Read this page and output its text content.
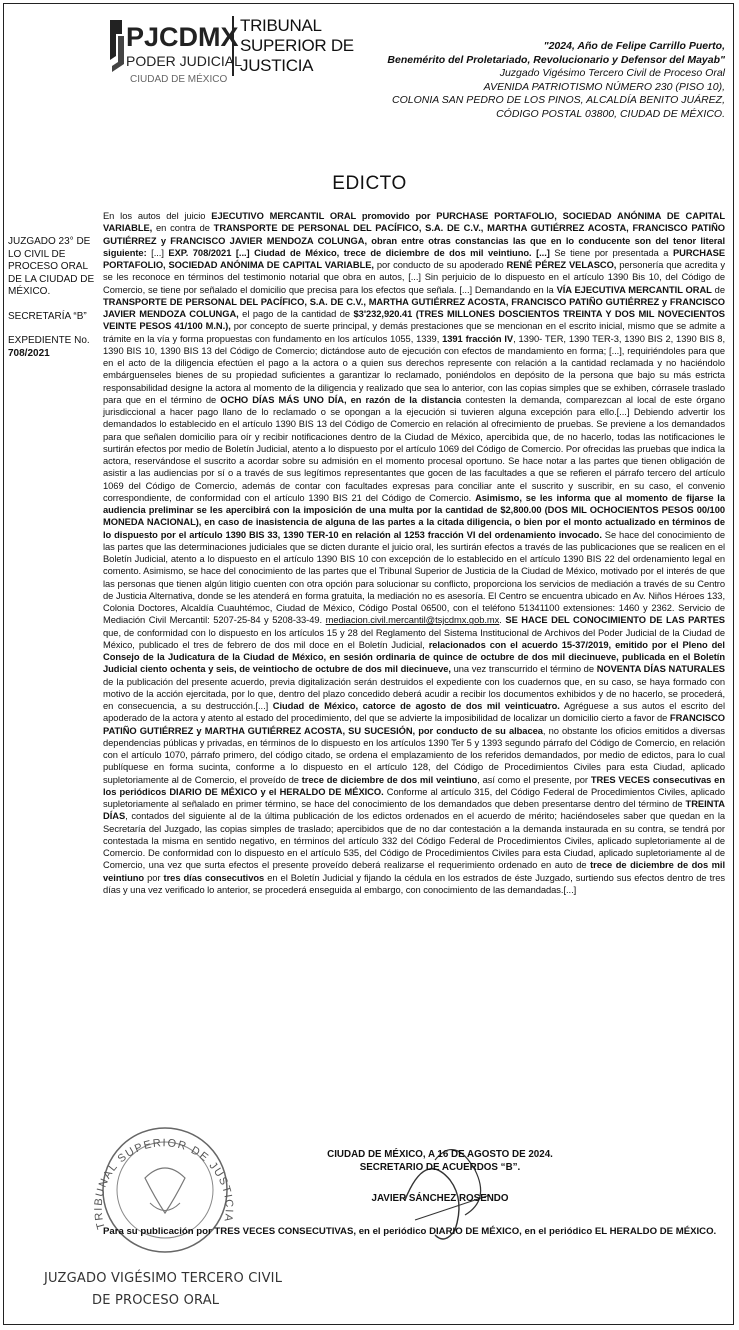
PJCDMX
PODER JUDICIAL
CIUDAD DE MÉXICO
TRIBUNAL
SUPERIOR DE
JUSTICIA
"2024, Año de Felipe Carrillo Puerto,
Benemérito del Proletariado, Revolucionario y Defensor del Mayab"
Juzgado Vigésimo Tercero Civil de Proceso Oral
AVENIDA PATRIOTISMO NÚMERO 230 (PISO 10),
COLONIA SAN PEDRO DE LOS PINOS, ALCALDÍA BENITO JUÁREZ,
CÓDIGO POSTAL 03800, CIUDAD DE MÉXICO.
EDICTO

JUZGADO 23° DE LO CIVIL DE PROCESO ORAL DE LA CIUDAD DE MÉXICO.

SECRETARÍA “B”

EXPEDIENTE No. 708/2021

En los autos del juicio EJECUTIVO MERCANTIL ORAL promovido por PURCHASE PORTAFOLIO, SOCIEDAD ANÓNIMA DE CAPITAL VARIABLE, en contra de TRANSPORTE DE PERSONAL DEL PACÍFICO, S.A. DE C.V., MARTHA GUTIÉRREZ ACOSTA, FRANCISCO PATIÑO GUTIÉRREZ y FRANCISCO JAVIER MENDOZA COLUNGA, obran entre otras constancias las que en lo conducente son del tenor literal siguiente: [...] EXP. 708/2021 [...] Ciudad de México, trece de diciembre de dos mil veintiuno. [...] Se tiene por presentada a PURCHASE PORTAFOLIO, SOCIEDAD ANÓNIMA DE CAPITAL VARIABLE, por conducto de su apoderado RENÉ PÉREZ VELASCO, personería que acredita y se les reconoce en términos del testimonio notarial que obra en autos, [...] Sin perjuicio de lo dispuesto en el artículo 1390 Bis 10, del Código de Comercio, se tiene por señalado el domicilio que precisa para los efectos que señala. [...] Demandando en la VÍA EJECUTIVA MERCANTIL ORAL de TRANSPORTE DE PERSONAL DEL PACÍFICO, S.A. DE C.V., MARTHA GUTIÉRREZ ACOSTA, FRANCISCO PATIÑO GUTIÉRREZ y FRANCISCO JAVIER MENDOZA COLUNGA, el pago de la cantidad de $3'232,920.41 (TRES MILLONES DOSCIENTOS TREINTA Y DOS MIL NOVECIENTOS VEINTE PESOS 41/100 M.N.), por concepto de suerte principal, y demás prestaciones que se mencionan en el escrito inicial, mismo que se admite a trámite en la vía y forma propuestas con fundamento en los artículos 1055, 1339, 1391 fracción IV, 1390- TER, 1390 TER-3, 1390 BIS 2, 1390 BIS 8, 1390 BIS 10, 1390 BIS 13 del Código de Comercio; dictándose auto de ejecución con efectos de mandamiento en forma; [...], requiriéndoles para que en el acto de la diligencia efectúen el pago a la actora o a quien sus derechos represente con relación a la cantidad reclamada y no haciéndolo embárguenseles bienes de su propiedad suficientes a garantizar lo reclamado, poniéndolos en depósito de la persona que bajo su más estricta responsabilidad designe la actora al momento de la diligencia y realizado que sea lo anterior, con las copias simples que se exhiben, córrasele traslado para que en el término de OCHO DÍAS MÁS UNO DÍA, en razón de la distancia contesten la demanda, comparezcan al local de este órgano jurisdiccional a hacer pago llano de lo reclamado o se opongan a la ejecución si tuvieren alguna excepción para ello.[...] Debiendo advertir los demandados lo establecido en el artículo 1390 BIS 13 del Código de Comercio en relación al ofrecimiento de pruebas. Se previene a los demandados para que señalen domicilio para oír y recibir notificaciones dentro de la Ciudad de México, apercibida que, de no hacerlo, todas las notificaciones le surtirán efectos por medio de Boletín Judicial, atento a lo dispuesto por el artículo 1069 del Código de Comercio. Por ofrecidas las pruebas que indica la actora, reservándose el suscrito a acordar sobre su admisión en el momento procesal oportuno. Se hace notar a las partes que tienen obligación de asistir a las audiencias por sí o a través de sus legítimos representantes que gocen de las facultades a que se refieren el párrafo tercero del artículo 1069 del Código de Comercio, además de contar con facultades expresas para conciliar ante el suscrito y suscribir, en su caso, el convenio correspondiente, de conformidad con el artículo 1390 BIS 21 del Código de Comercio. Asimismo, se les informa que al momento de fijarse la audiencia preliminar se les apercibirá con la imposición de una multa por la cantidad de $2,800.00 (DOS MIL OCHOCIENTOS PESOS 00/100 MONEDA NACIONAL), en caso de inasistencia de alguna de las partes a la citada diligencia, o bien por el monto actualizado en términos de lo dispuesto por el artículo 1390 BIS 33, 1390 TER-10 en relación al 1253 fracción VI del ordenamiento invocado. Se hace del conocimiento de las partes que las determinaciones judiciales que se dicten durante el juicio oral, les surtirán efectos a través de las publicaciones que se realicen en el Boletín Judicial, atento a lo dispuesto en el artículo 1390 BIS 10 con excepción de lo establecido en el artículo 1390 BIS 22 del ordenamiento legal en comento. Asimismo, se hace del conocimiento de las partes que el Tribunal Superior de Justicia de la Ciudad de México, motivado por el interés de que las personas que tienen algún litigio cuenten con otra opción para solucionar su conflicto, proporciona los servicios de mediación a través de su Centro de Justicia Alternativa, donde se les atenderá en forma gratuita, la mediación no es asesoría. El Centro se encuentra ubicado en Av. Niños Héroes 133, Colonia Doctores, Alcaldía Cuauhtémoc, Ciudad de México, Código Postal 06500, con el teléfono 51341100 extensiones: 1460 y 2362. Servicio de Mediación Civil Mercantil: 5207-25-84 y 5208-33-49. mediacion.civil.mercantil@tsjcdmx.gob.mx. SE HACE DEL CONOCIMIENTO DE LAS PARTES que, de conformidad con lo dispuesto en los artículos 15 y 28 del Reglamento del Sistema Institucional de Archivos del Poder Judicial de la Ciudad de México, publicado el tres de febrero de dos mil doce en el Boletín Judicial, relacionados con el acuerdo 15-37/2019, emitido por el Pleno del Consejo de la Judicatura de la Ciudad de México, en sesión ordinaria de quince de octubre de dos mil diecinueve, publicada en el Boletín Judicial ciento ochenta y seis, de veintiocho de octubre de dos mil diecinueve, una vez transcurrido el término de NOVENTA DÍAS NATURALES de la publicación del presente acuerdo, previa digitalización serán destruidos el expediente con los cuadernos que, en su caso, se haya formado con motivo de la acción ejercitada, por lo que, dentro del plazo concedido deberá acudir a recibir los documentos exhibidos y de no hacerlo, se procederá, en consecuencia, a su destrucción.[...] Ciudad de México, catorce de agosto de dos mil veinticuatro. Agréguese a sus autos el escrito del apoderado de la actora y atento al estado del procedimiento, del que se advierte la imposibilidad de localizar un domicilio cierto a favor de FRANCISCO PATIÑO GUTIÉRREZ y MARTHA GUTIÉRREZ ACOSTA, SU SUCESIÓN, por conducto de su albacea, no obstante los oficios emitidos a diversas dependencias públicas y privadas, en términos de lo dispuesto en los artículos 1390 Ter 5 y 1393 segundo párrafo del Código de Comercio, en relación con el artículo 1070, párrafo primero, del código citado, se ordena el emplazamiento de los referidos demandados, por medio de edictos, para lo cual publíquese en forma sucinta, conforme a lo dispuesto en el artículo 128, del Código de Procedimientos Civiles para esta Ciudad, aplicado supletoriamente al de Comercio, el proveído de trece de diciembre de dos mil veintiuno, así como el presente, por TRES VECES consecutivas en los periódicos DIARIO DE MÉXICO y el HERALDO DE MÉXICO. Conforme al artículo 315, del Código Federal de Procedimientos Civiles, aplicado supletoriamente al señalado en primer término, se hace del conocimiento de los demandados que deben presentarse dentro del término de TREINTA DÍAS, contados del siguiente al de la última publicación de los edictos ordenados en el acuerdo de mérito; haciéndoseles saber que quedan en la Secretaría del Juzgado, las copias simples de traslado; apercibidos que de no dar contestación a la demanda instaurada en su contra, se tendrá por contestada la misma en sentido negativo, en términos del artículo 332 del Código Federal de Procedimientos Civiles, aplicado supletoriamente al de Comercio. De conformidad con lo dispuesto en el artículo 535, del Código de Procedimientos Civiles para esta Ciudad, aplicado supletoriamente al de Comercio, una vez que surta efectos el presente proveído deberá realizarse el requerimiento ordenado en auto de trece de diciembre de dos mil veintiuno por tres días consecutivos en el Boletín Judicial y fijando la cédula en los estrados de éste Juzgado, surtiendo sus efectos dentro de tres días y una vez verificado lo anterior, se procederá enseguida al embargo, con conocimiento de las demandadas.[...]
TRIBUNAL SUPERIOR DE JUSTICIA
CIUDAD DE MÉXICO, A 16 DE AGOSTO DE 2024.
SECRETARIO DE ACUERDOS “B”.
JAVIER SÁNCHEZ ROSENDO
Para su publicación por TRES VECES CONSECUTIVAS, en el periódico DIARIO DE MÉXICO, en el periódico EL HERALDO DE MÉXICO.
JUZGADO VIGÉSIMO TERCERO CIVIL
DE PROCESO ORAL
